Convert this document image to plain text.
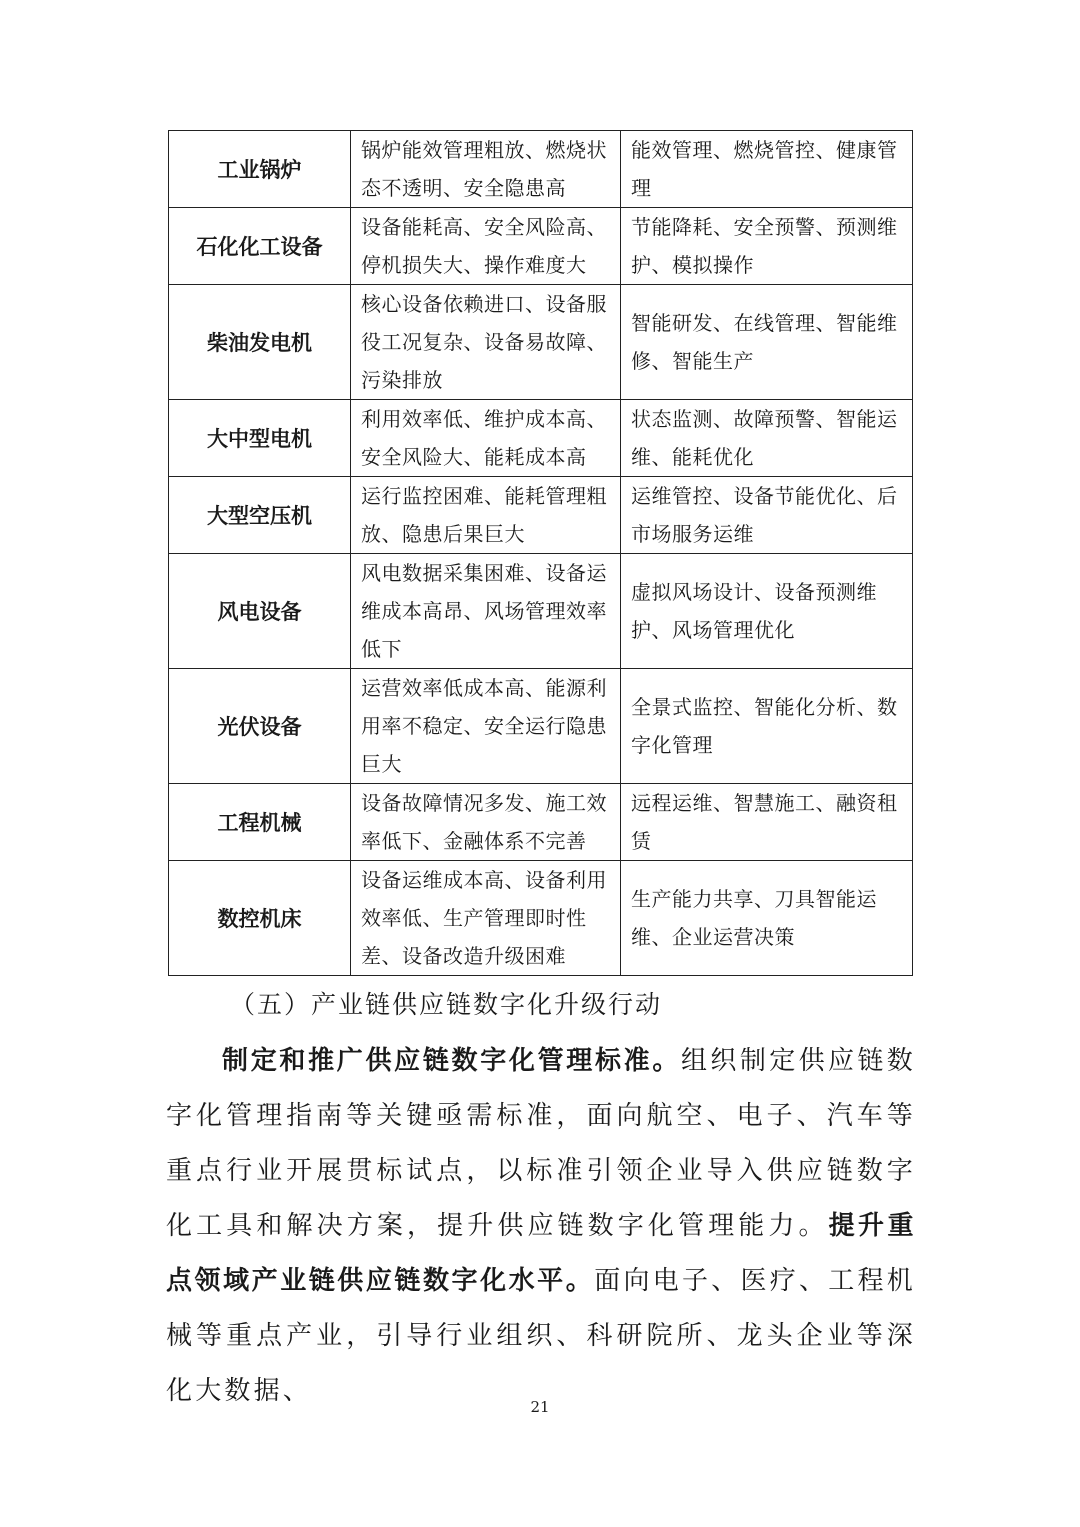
工业锅炉	锅炉能效管理粗放、燃烧状态不透明、安全隐患高	能效管理、燃烧管控、健康管理
石化化工设备	设备能耗高、安全风险高、停机损失大、操作难度大	节能降耗、安全预警、预测维护、模拟操作
柴油发电机	核心设备依赖进口、设备服役工况复杂、设备易故障、污染排放	智能研发、在线管理、智能维修、智能生产
大中型电机	利用效率低、维护成本高、安全风险大、能耗成本高	状态监测、故障预警、智能运维、能耗优化
大型空压机	运行监控困难、能耗管理粗放、隐患后果巨大	运维管控、设备节能优化、后市场服务运维
风电设备	风电数据采集困难、设备运维成本高昂、风场管理效率低下	虚拟风场设计、设备预测维护、风场管理优化
光伏设备	运营效率低成本高、能源利用率不稳定、安全运行隐患巨大	全景式监控、智能化分析、数字化管理
工程机械	设备故障情况多发、施工效率低下、金融体系不完善	远程运维、智慧施工、融资租赁
数控机床	设备运维成本高、设备利用效率低、生产管理即时性差、设备改造升级困难	生产能力共享、刀具智能运维、企业运营决策
（五）产业链供应链数字化升级行动

制定和推广供应链数字化管理标准。组织制定供应链数字化管理指南等关键亟需标准，面向航空、电子、汽车等重点行业开展贯标试点，以标准引领企业导入供应链数字化工具和解决方案，提升供应链数字化管理能力。提升重点领域产业链供应链数字化水平。面向电子、医疗、工程机械等重点产业，引导行业组织、科研院所、龙头企业等深化大数据、

21
